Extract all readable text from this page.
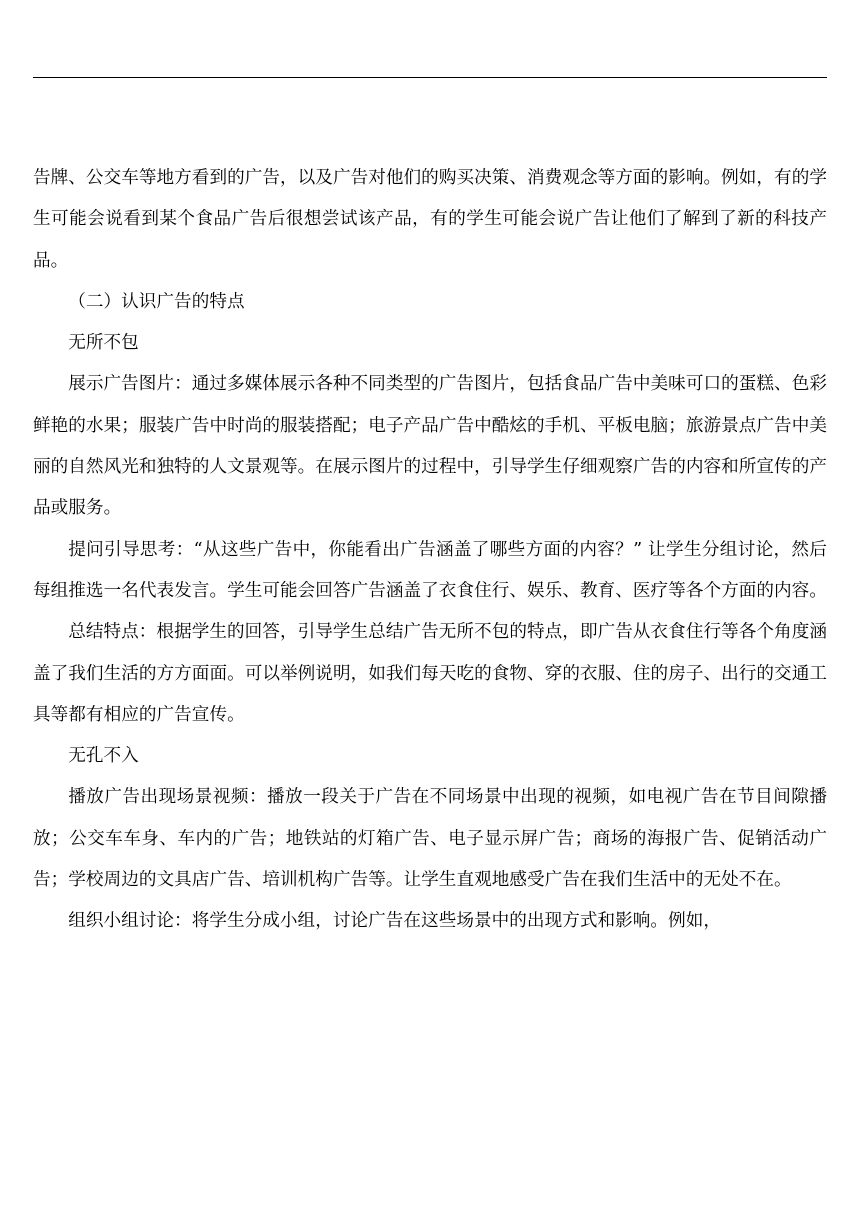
告牌、公交车等地方看到的广告，以及广告对他们的购买决策、消费观念等方面的影响。例如，有的学生可能会说看到某个食品广告后很想尝试该产品，有的学生可能会说广告让他们了解到了新的科技产品。

（二）认识广告的特点

无所不包

展示广告图片：通过多媒体展示各种不同类型的广告图片，包括食品广告中美味可口的蛋糕、色彩鲜艳的水果；服装广告中时尚的服装搭配；电子产品广告中酷炫的手机、平板电脑；旅游景点广告中美丽的自然风光和独特的人文景观等。在展示图片的过程中，引导学生仔细观察广告的内容和所宣传的产品或服务。

提问引导思考：“从这些广告中，你能看出广告涵盖了哪些方面的内容？” 让学生分组讨论，然后每组推选一名代表发言。学生可能会回答广告涵盖了衣食住行、娱乐、教育、医疗等各个方面的内容。

总结特点：根据学生的回答，引导学生总结广告无所不包的特点，即广告从衣食住行等各个角度涵盖了我们生活的方方面面。可以举例说明，如我们每天吃的食物、穿的衣服、住的房子、出行的交通工具等都有相应的广告宣传。

无孔不入

播放广告出现场景视频：播放一段关于广告在不同场景中出现的视频，如电视广告在节目间隙播放；公交车车身、车内的广告；地铁站的灯箱广告、电子显示屏广告；商场的海报广告、促销活动广告；学校周边的文具店广告、培训机构广告等。让学生直观地感受广告在我们生活中的无处不在。

组织小组讨论：将学生分成小组，讨论广告在这些场景中的出现方式和影响。例如，
